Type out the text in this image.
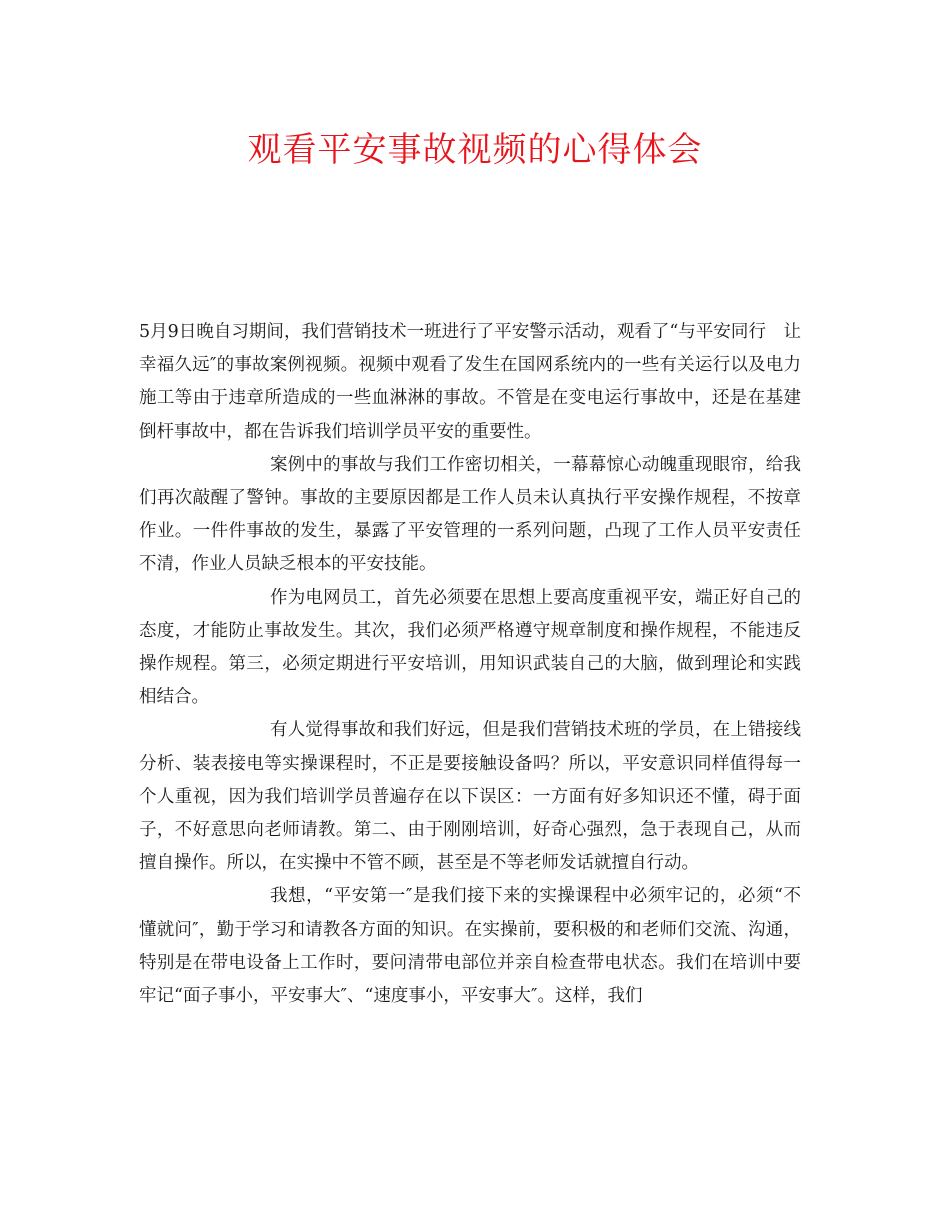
观看平安事故视频的心得体会

5月9日晚自习期间，我们营销技术一班进行了平安警示活动，观看了“与平安同行　让幸福久远″的事故案例视频。视频中观看了发生在国网系统内的一些有关运行以及电力施工等由于违章所造成的一些血淋淋的事故。不管是在变电运行事故中，还是在基建倒杆事故中，都在告诉我们培训学员平安的重要性。

案例中的事故与我们工作密切相关，一幕幕惊心动魄重现眼帘，给我们再次敲醒了警钟。事故的主要原因都是工作人员未认真执行平安操作规程，不按章作业。一件件事故的发生，暴露了平安管理的一系列问题，凸现了工作人员平安责任不清，作业人员缺乏根本的平安技能。

作为电网员工，首先必须要在思想上要高度重视平安，端正好自己的态度，才能防止事故发生。其次，我们必须严格遵守规章制度和操作规程，不能违反操作规程。第三，必须定期进行平安培训，用知识武装自己的大脑，做到理论和实践相结合。

有人觉得事故和我们好远，但是我们营销技术班的学员，在上错接线分析、装表接电等实操课程时，不正是要接触设备吗？所以，平安意识同样值得每一个人重视，因为我们培训学员普遍存在以下误区：一方面有好多知识还不懂，碍于面子，不好意思向老师请教。第二、由于刚刚培训，好奇心强烈，急于表现自己，从而擅自操作。所以，在实操中不管不顾，甚至是不等老师发话就擅自行动。

我想，“平安第一″是我们接下来的实操课程中必须牢记的，必须“不懂就问″，勤于学习和请教各方面的知识。在实操前，要积极的和老师们交流、沟通，特别是在带电设备上工作时，要问清带电部位并亲自检查带电状态。我们在培训中要牢记“面子事小，平安事大″、“速度事小，平安事大″。这样，我们
